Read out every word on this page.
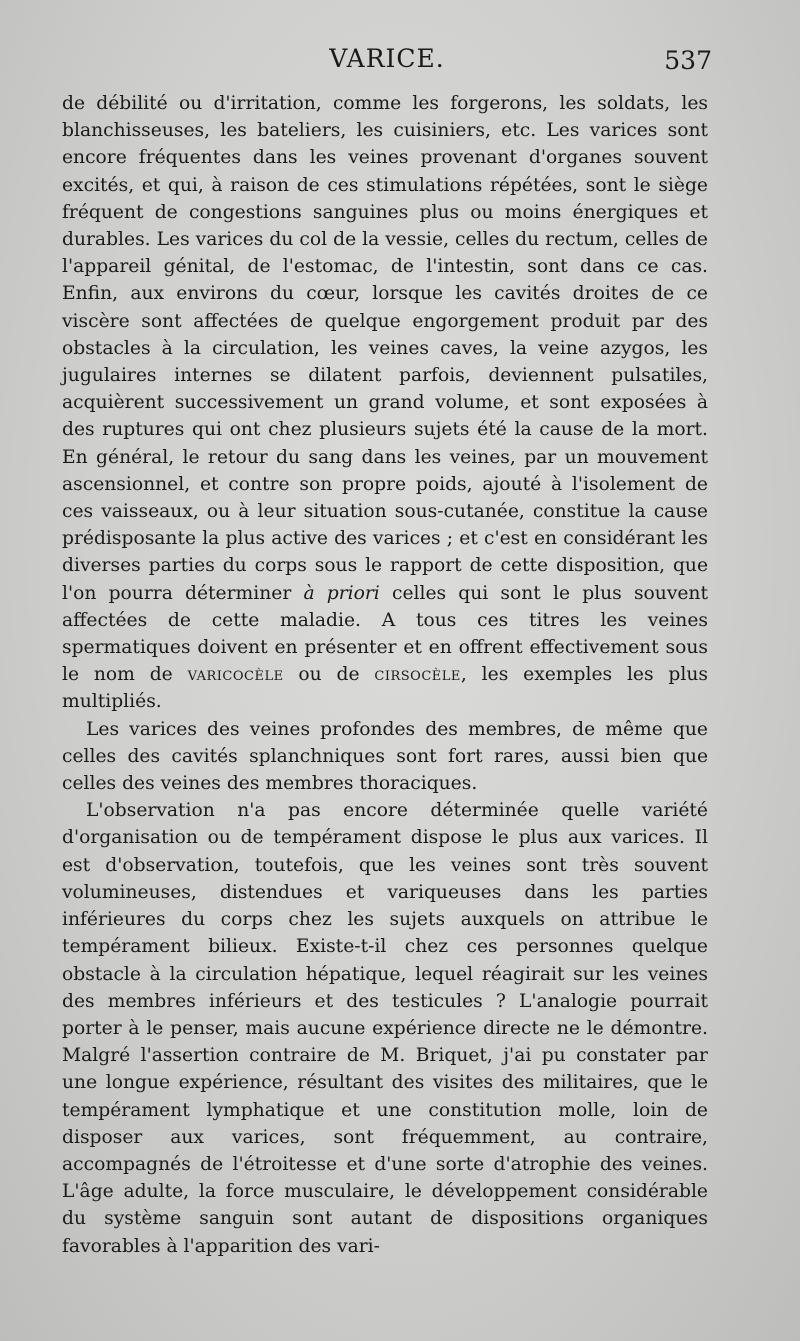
VARICE.	537

de débilité ou d'irritation, comme les forgerons, les soldats, les blanchisseuses, les bateliers, les cuisiniers, etc. Les varices sont encore fréquentes dans les veines provenant d'organes souvent excités, et qui, à raison de ces stimulations répétées, sont le siège fréquent de congestions sanguines plus ou moins énergiques et durables. Les varices du col de la vessie, celles du rectum, celles de l'appareil génital, de l'estomac, de l'intestin, sont dans ce cas. Enfin, aux environs du cœur, lorsque les cavités droites de ce viscère sont affectées de quelque engorgement produit par des obstacles à la circulation, les veines caves, la veine azygos, les jugulaires internes se dilatent parfois, deviennent pulsatiles, acquièrent successivement un grand volume, et sont exposées à des ruptures qui ont chez plusieurs sujets été la cause de la mort. En général, le retour du sang dans les veines, par un mouvement ascensionnel, et contre son propre poids, ajouté à l'isolement de ces vaisseaux, ou à leur situation sous-cutanée, constitue la cause prédisposante la plus active des varices ; et c'est en considérant les diverses parties du corps sous le rapport de cette disposition, que l'on pourra déterminer à priori celles qui sont le plus souvent affectées de cette maladie. A tous ces titres les veines spermatiques doivent en présenter et en offrent effectivement sous le nom de varicocèle ou de cirsocèle, les exemples les plus multipliés.

Les varices des veines profondes des membres, de même que celles des cavités splanchniques sont fort rares, aussi bien que celles des veines des membres thoraciques.

L'observation n'a pas encore déterminée quelle variété d'organisation ou de tempérament dispose le plus aux varices. Il est d'observation, toutefois, que les veines sont très souvent volumineuses, distendues et variqueuses dans les parties inférieures du corps chez les sujets auxquels on attribue le tempérament bilieux. Existe-t-il chez ces personnes quelque obstacle à la circulation hépatique, lequel réagirait sur les veines des membres inférieurs et des testicules ? L'analogie pourrait porter à le penser, mais aucune expérience directe ne le démontre. Malgré l'assertion contraire de M. Briquet, j'ai pu constater par une longue expérience, résultant des visites des militaires, que le tempérament lymphatique et une constitution molle, loin de disposer aux varices, sont fréquemment, au contraire, accompagnés de l'étroitesse et d'une sorte d'atrophie des veines. L'âge adulte, la force musculaire, le développement considérable du système sanguin sont autant de dispositions organiques favorables à l'apparition des vari-
